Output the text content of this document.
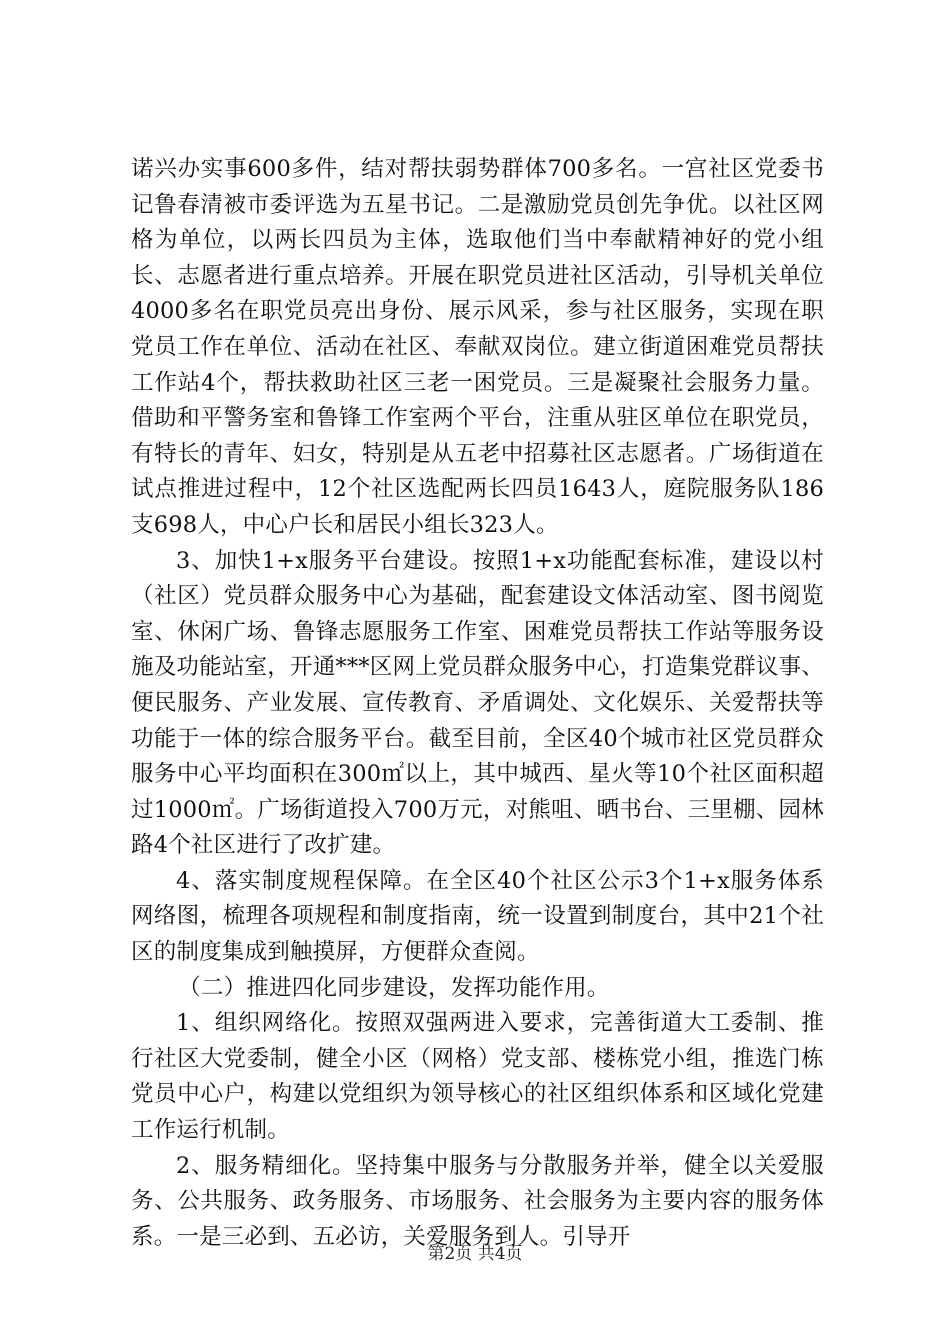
诺兴办实事600多件，结对帮扶弱势群体700多名。一宫社区党委书记鲁春清被市委评选为五星书记。二是激励党员创先争优。以社区网格为单位，以两长四员为主体，选取他们当中奉献精神好的党小组长、志愿者进行重点培养。开展在职党员进社区活动，引导机关单位4000多名在职党员亮出身份、展示风采，参与社区服务，实现在职党员工作在单位、活动在社区、奉献双岗位。建立街道困难党员帮扶工作站4个，帮扶救助社区三老一困党员。三是凝聚社会服务力量。借助和平警务室和鲁锋工作室两个平台，注重从驻区单位在职党员，有特长的青年、妇女，特别是从五老中招募社区志愿者。广场街道在试点推进过程中，12个社区选配两长四员1643人，庭院服务队186支698人，中心户长和居民小组长323人。

3、加快1+x服务平台建设。按照1+x功能配套标准，建设以村（社区）党员群众服务中心为基础，配套建设文体活动室、图书阅览室、休闲广场、鲁锋志愿服务工作室、困难党员帮扶工作站等服务设施及功能站室，开通***区网上党员群众服务中心，打造集党群议事、便民服务、产业发展、宣传教育、矛盾调处、文化娱乐、关爱帮扶等功能于一体的综合服务平台。截至目前，全区40个城市社区党员群众服务中心平均面积在300㎡以上，其中城西、星火等10个社区面积超过1000㎡。广场街道投入700万元，对熊咀、晒书台、三里棚、园林路4个社区进行了改扩建。

4、落实制度规程保障。在全区40个社区公示3个1+x服务体系网络图，梳理各项规程和制度指南，统一设置到制度台，其中21个社区的制度集成到触摸屏，方便群众查阅。

（二）推进四化同步建设，发挥功能作用。

1、组织网络化。按照双强两进入要求，完善街道大工委制、推行社区大党委制，健全小区（网格）党支部、楼栋党小组，推选门栋党员中心户，构建以党组织为领导核心的社区组织体系和区域化党建工作运行机制。

2、服务精细化。坚持集中服务与分散服务并举，健全以关爱服务、公共服务、政务服务、市场服务、社会服务为主要内容的服务体系。一是三必到、五必访，关爱服务到人。引导开

第2页 共4页
